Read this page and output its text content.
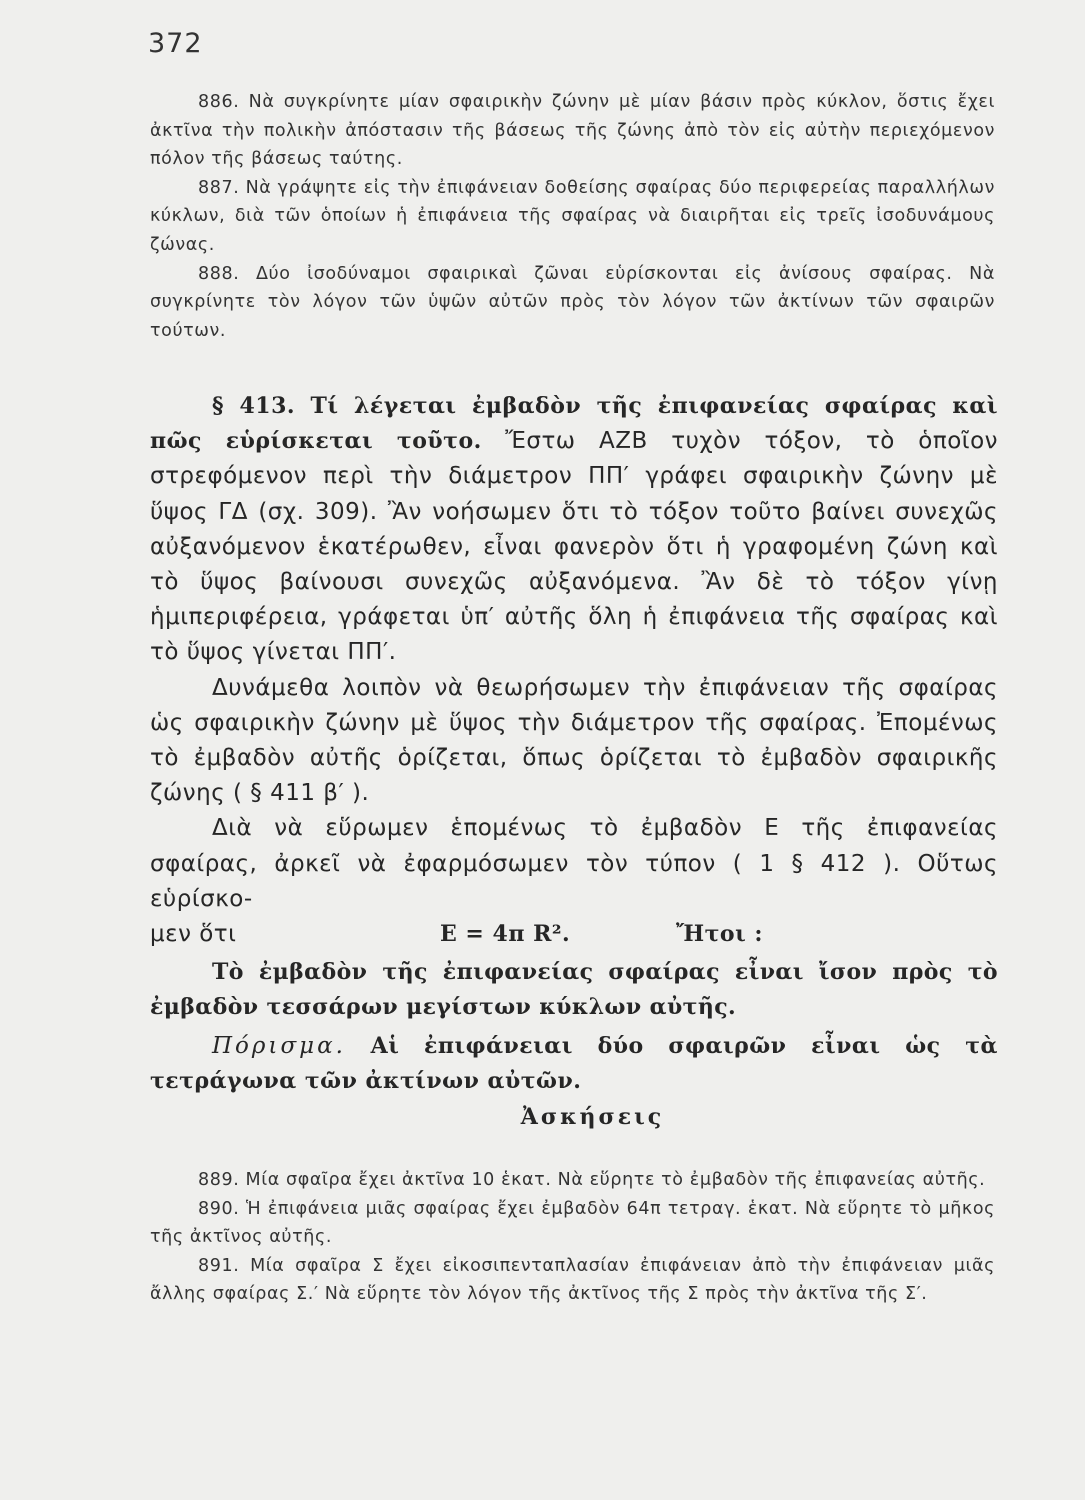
372

886. Νὰ συγκρίνητε μίαν σφαιρικὴν ζώνην μὲ μίαν βάσιν πρὸς κύκλον, ὅστις ἔχει ἀκτῖνα τὴν πολικὴν ἀπόστασιν τῆς βάσεως τῆς ζώνης ἀπὸ τὸν εἰς αὐτὴν περιεχόμενον πόλον τῆς βάσεως ταύτης.

887. Νὰ γράψητε εἰς τὴν ἐπιφάνειαν δοθείσης σφαίρας δύο περιφερείας παραλλήλων κύκλων, διὰ τῶν ὁποίων ἡ ἐπιφάνεια τῆς σφαίρας νὰ διαιρῆται εἰς τρεῖς ἰσοδυνάμους ζώνας.

888. Δύο ἰσοδύναμοι σφαιρικαὶ ζῶναι εὑρίσκονται εἰς ἀνίσους σφαίρας. Νὰ συγκρίνητε τὸν λόγον τῶν ὑψῶν αὐτῶν πρὸς τὸν λόγον τῶν ἀκτίνων τῶν σφαιρῶν τούτων.

§ 413. Τί λέγεται ἐμβαδὸν τῆς ἐπιφανείας σφαίρας καὶ πῶς εὑρίσκεται τοῦτο. Ἔστω ΑΖΒ τυχὸν τόξον, τὸ ὁποῖον στρεφόμενον περὶ τὴν διάμετρον ΠΠ′ γράφει σφαιρικὴν ζώνην μὲ ὕψος ΓΔ (σχ. 309). Ἂν νοήσωμεν ὅτι τὸ τόξον τοῦτο βαίνει συνεχῶς αὐξανόμενον ἑκατέρωθεν, εἶναι φανερὸν ὅτι ἡ γραφομένη ζώνη καὶ τὸ ὕψος βαίνουσι συνεχῶς αὐξανόμενα. Ἂν δὲ τὸ τόξον γίνῃ ἡμιπεριφέρεια, γράφεται ὑπ′ αὐτῆς ὅλη ἡ ἐπιφάνεια τῆς σφαίρας καὶ τὸ ὕψος γίνεται ΠΠ′.

Δυνάμεθα λοιπὸν νὰ θεωρήσωμεν τὴν ἐπιφάνειαν τῆς σφαίρας ὡς σφαιρικὴν ζώνην μὲ ὕψος τὴν διάμετρον τῆς σφαίρας. Ἐπομένως τὸ ἐμβαδὸν αὐτῆς ὁρίζεται, ὅπως ὁρίζεται τὸ ἐμβαδὸν σφαιρικῆς ζώνης ( § 411 β′ ).

Διὰ νὰ εὕρωμεν ἑπομένως τὸ ἐμβαδὸν Ε τῆς ἐπιφανείας σφαίρας, ἀρκεῖ νὰ ἐφαρμόσωμεν τὸν τύπον ( 1 § 412 ). Οὕτως εὑρίσκο-

μεν ὅτι	Ε = 4π R².	Ἤτοι :

Τὸ ἐμβαδὸν τῆς ἐπιφανείας σφαίρας εἶναι ἴσον πρὸς τὸ ἐμβαδὸν τεσσάρων μεγίστων κύκλων αὐτῆς.

Πόρισμα. Αἱ ἐπιφάνειαι δύο σφαιρῶν εἶναι ὡς τὰ τετράγωνα τῶν ἀκτίνων αὐτῶν.

Ἀσκήσεις

889. Μία σφαῖρα ἔχει ἀκτῖνα 10 ἑκατ. Νὰ εὕρητε τὸ ἐμβαδὸν τῆς ἐπιφανείας αὐτῆς.

890. Ἡ ἐπιφάνεια μιᾶς σφαίρας ἔχει ἐμβαδὸν 64π τετραγ. ἑκατ. Νὰ εὕρητε τὸ μῆκος τῆς ἀκτῖνος αὐτῆς.

891. Μία σφαῖρα Σ ἔχει εἰκοσιπενταπλασίαν ἐπιφάνειαν ἀπὸ τὴν ἐπιφάνειαν μιᾶς ἄλλης σφαίρας Σ.′ Νὰ εὕρητε τὸν λόγον τῆς ἀκτῖνος τῆς Σ πρὸς τὴν ἀκτῖνα τῆς Σ′.
